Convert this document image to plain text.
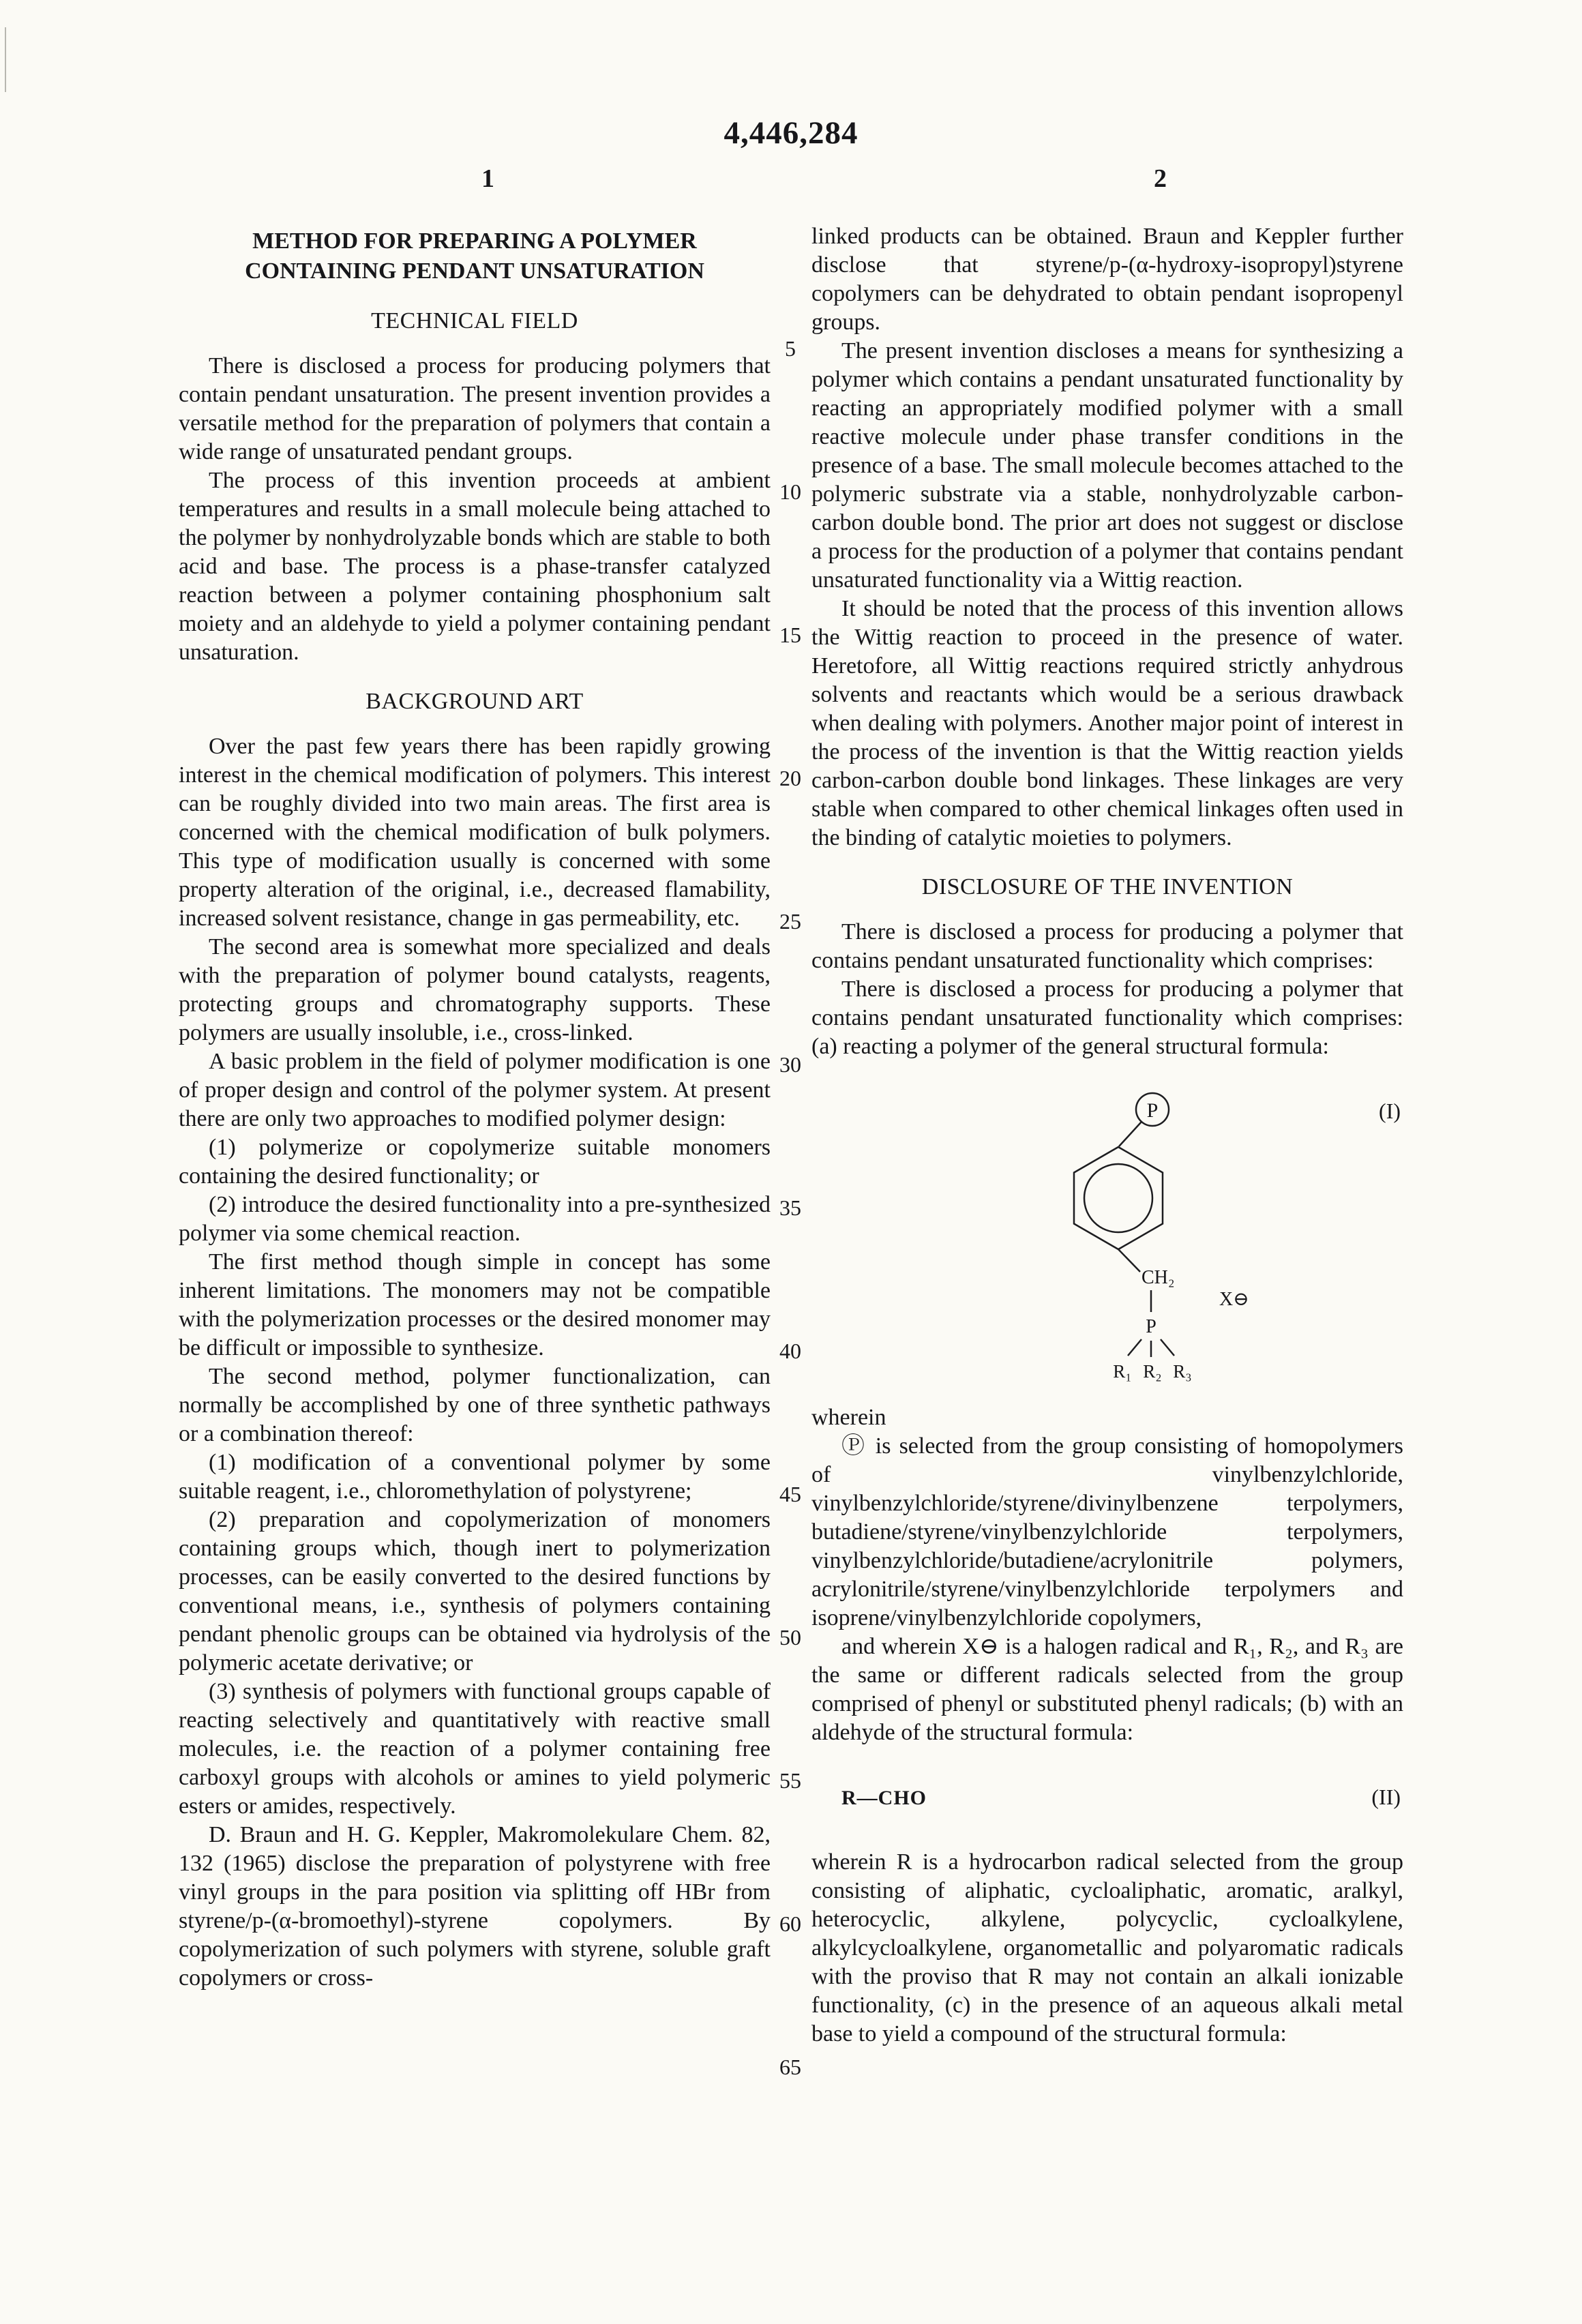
4,446,284
1	2
5
10
15
20
25
30
35
40
45
50
55
60
65
METHOD FOR PREPARING A POLYMER CONTAINING PENDANT UNSATURATION
TECHNICAL FIELD

There is disclosed a process for producing polymers that contain pendant unsaturation. The present invention provides a versatile method for the preparation of polymers that contain a wide range of unsaturated pendant groups.

The process of this invention proceeds at ambient temperatures and results in a small molecule being attached to the polymer by nonhydrolyzable bonds which are stable to both acid and base. The process is a phase-transfer catalyzed reaction between a polymer containing phosphonium salt moiety and an aldehyde to yield a polymer containing pendant unsaturation.

BACKGROUND ART

Over the past few years there has been rapidly growing interest in the chemical modification of polymers. This interest can be roughly divided into two main areas. The first area is concerned with the chemical modification of bulk polymers. This type of modification usually is concerned with some property alteration of the original, i.e., decreased flamability, increased solvent resistance, change in gas permeability, etc.

The second area is somewhat more specialized and deals with the preparation of polymer bound catalysts, reagents, protecting groups and chromatography supports. These polymers are usually insoluble, i.e., cross-linked.

A basic problem in the field of polymer modification is one of proper design and control of the polymer system. At present there are only two approaches to modified polymer design:

(1) polymerize or copolymerize suitable monomers containing the desired functionality; or

(2) introduce the desired functionality into a pre-synthesized polymer via some chemical reaction.

The first method though simple in concept has some inherent limitations. The monomers may not be compatible with the polymerization processes or the desired monomer may be difficult or impossible to synthesize.

The second method, polymer functionalization, can normally be accomplished by one of three synthetic pathways or a combination thereof:

(1) modification of a conventional polymer by some suitable reagent, i.e., chloromethylation of polystyrene;

(2) preparation and copolymerization of monomers containing groups which, though inert to polymerization processes, can be easily converted to the desired functions by conventional means, i.e., synthesis of polymers containing pendant phenolic groups can be obtained via hydrolysis of the polymeric acetate derivative; or

(3) synthesis of polymers with functional groups capable of reacting selectively and quantitatively with reactive small molecules, i.e. the reaction of a polymer containing free carboxyl groups with alcohols or amines to yield polymeric esters or amides, respectively.

D. Braun and H. G. Keppler, Makromolekulare Chem. 82, 132 (1965) disclose the preparation of polystyrene with free vinyl groups in the para position via splitting off HBr from styrene/p-(α-bromoethyl)-styrene copolymers. By copolymerization of such polymers with styrene, soluble graft copolymers or cross-

linked products can be obtained. Braun and Keppler further disclose that styrene/p-(α-hydroxy-isopropyl)styrene copolymers can be dehydrated to obtain pendant isopropenyl groups.

The present invention discloses a means for synthesizing a polymer which contains a pendant unsaturated functionality by reacting an appropriately modified polymer with a small reactive molecule under phase transfer conditions in the presence of a base. The small molecule becomes attached to the polymeric substrate via a stable, nonhydrolyzable carbon-carbon double bond. The prior art does not suggest or disclose a process for the production of a polymer that contains pendant unsaturated functionality via a Wittig reaction.

It should be noted that the process of this invention allows the Wittig reaction to proceed in the presence of water. Heretofore, all Wittig reactions required strictly anhydrous solvents and reactants which would be a serious drawback when dealing with polymers. Another major point of interest in the process of the invention is that the Wittig reaction yields carbon-carbon double bond linkages. These linkages are very stable when compared to other chemical linkages often used in the binding of catalytic moieties to polymers.

DISCLOSURE OF THE INVENTION

There is disclosed a process for producing a polymer that contains pendant unsaturated functionality which comprises:

There is disclosed a process for producing a polymer that contains pendant unsaturated functionality which comprises: (a) reacting a polymer of the general structural formula:

(I)
P
CH₂
P
X⊖
R₁ R₂ R₃

wherein

Ⓟ is selected from the group consisting of homopolymers of vinylbenzylchloride, vinylbenzylchloride/styrene/divinylbenzene terpolymers, butadiene/styrene/vinylbenzylchloride terpolymers, vinylbenzylchloride/butadiene/acrylonitrile polymers, acrylonitrile/styrene/vinylbenzylchloride terpolymers and isoprene/vinylbenzylchloride copolymers,

and wherein X⊖ is a halogen radical and R₁, R₂, and R₃ are the same or different radicals selected from the group comprised of phenyl or substituted phenyl radicals; (b) with an aldehyde of the structural formula:

R—CHO	(II)

wherein R is a hydrocarbon radical selected from the group consisting of aliphatic, cycloaliphatic, aromatic, aralkyl, heterocyclic, alkylene, polycyclic, cycloalkylene, alkylcycloalkylene, organometallic and polyaromatic radicals with the proviso that R may not contain an alkali ionizable functionality, (c) in the presence of an aqueous alkali metal base to yield a compound of the structural formula:
